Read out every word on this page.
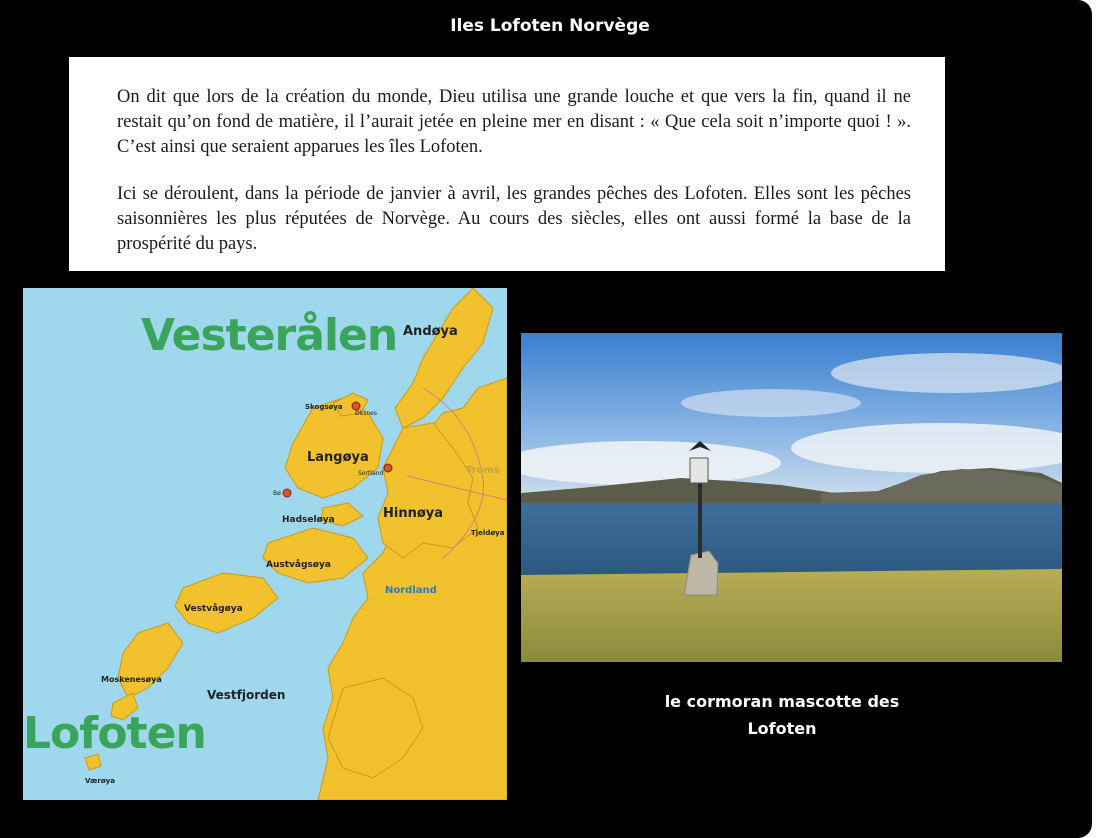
Iles Lofoten Norvège

On dit que lors de la création du monde, Dieu utilisa une grande louche et que vers la fin, quand il ne restait qu’on fond de matière, il l’aurait jetée en pleine mer en disant : « Que cela soit n’importe quoi ! ». C’est ainsi que seraient apparues les îles Lofoten.

Ici se déroulent, dans la période de janvier à avril, les grandes pêches des Lofoten. Elles sont les pêches saisonnières les plus réputées de Norvège. Au cours des siècles, elles ont aussi formé la base de la prospérité du pays.

Vesterålen
Lofoten
Andøya
Langøya
Hinnøya
Hadseløya
Austvågsøya
Vestvågøya
Moskenesøya
Værøya
Skogsøya
Tjeldøya
Øksnes
Sortland
Bø
Troms
Nordland
Vestfjorden	le cormoran mascotte des
Lofoten
